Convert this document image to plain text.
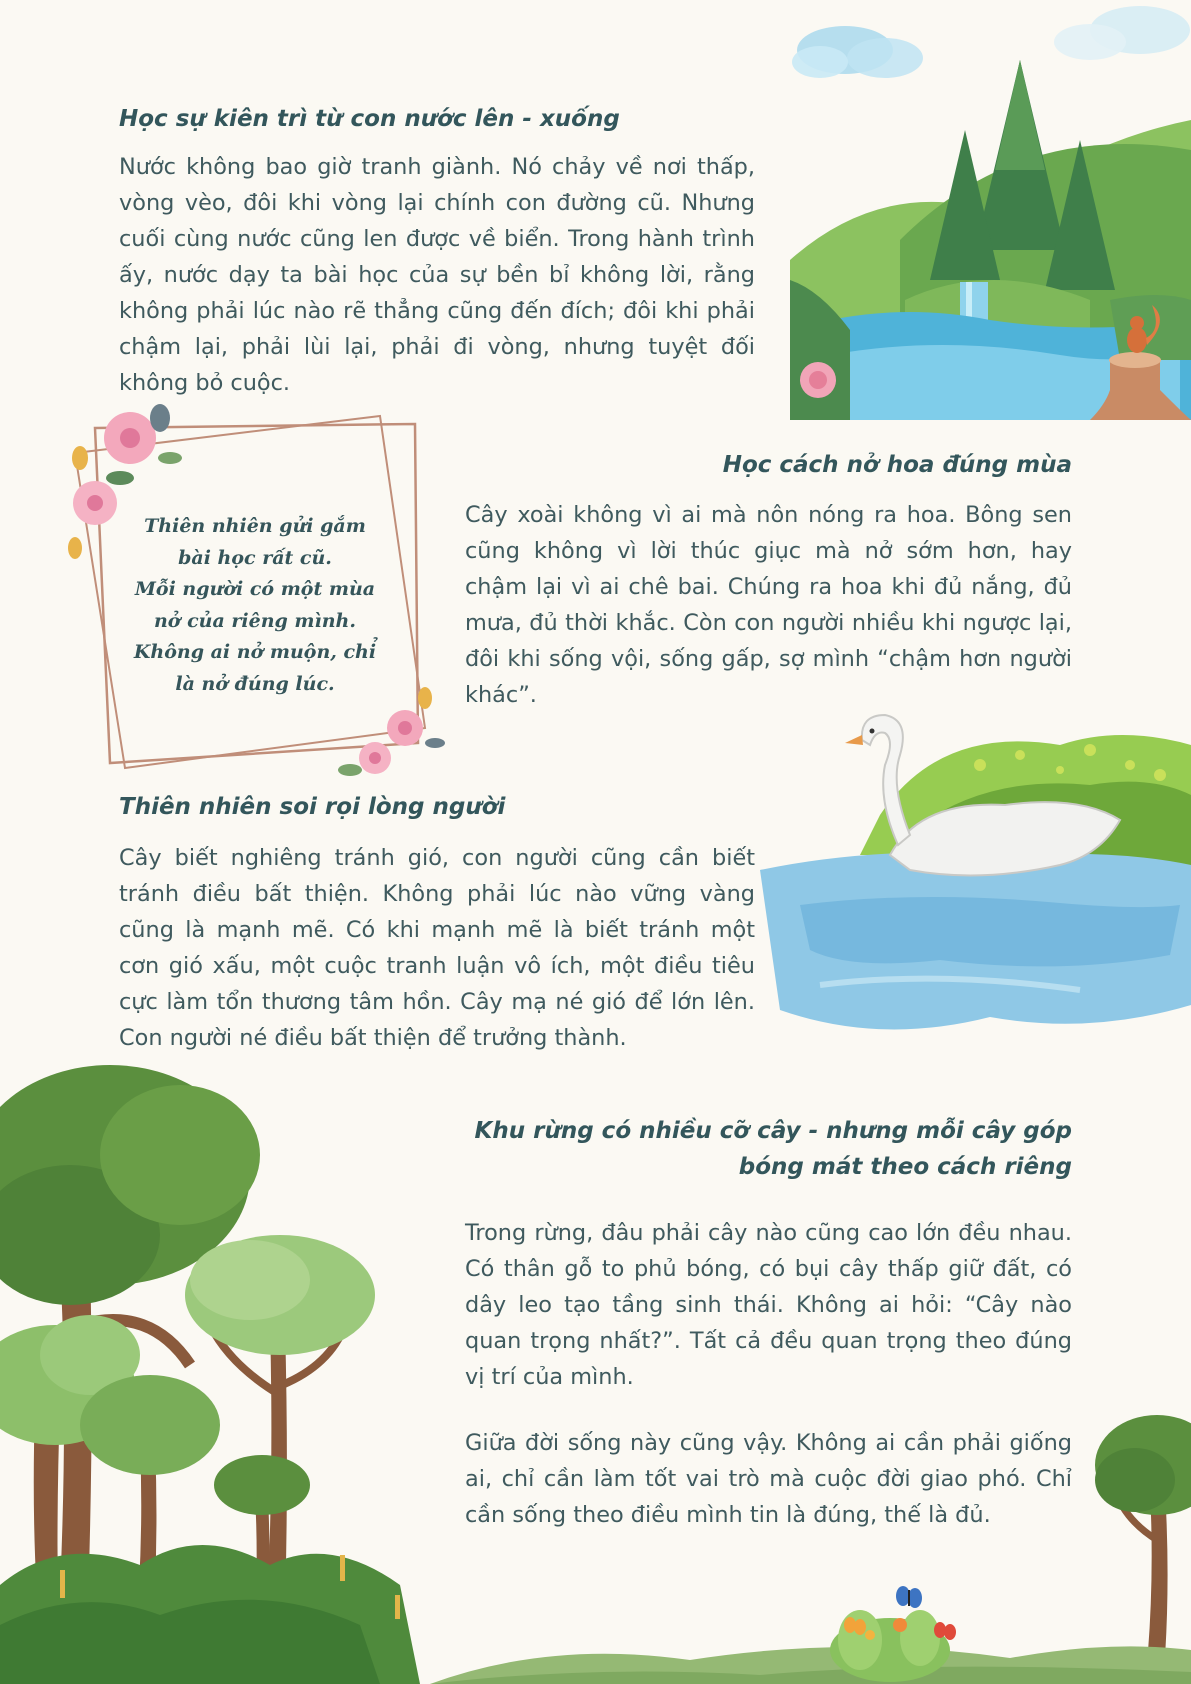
Học sự kiên trì từ con nước lên - xuống

Nước không bao giờ tranh giành. Nó chảy về nơi thấp, vòng vèo, đôi khi vòng lại chính con đường cũ. Nhưng cuối cùng nước cũng len được về biển. Trong hành trình ấy, nước dạy ta bài học của sự bền bỉ không lời, rằng không phải lúc nào rẽ thẳng cũng đến đích; đôi khi phải chậm lại, phải lùi lại, phải đi vòng, nhưng tuyệt đối không bỏ cuộc.

Thiên nhiên gửi gắm
bài học rất cũ.
Mỗi người có một mùa
nở của riêng mình.
Không ai nở muộn, chỉ
là nở đúng lúc.
Học cách nở hoa đúng mùa

Cây xoài không vì ai mà nôn nóng ra hoa. Bông sen cũng không vì lời thúc giục mà nở sớm hơn, hay chậm lại vì ai chê bai. Chúng ra hoa khi đủ nắng, đủ mưa, đủ thời khắc. Còn con người nhiều khi ngược lại, đôi khi sống vội, sống gấp, sợ mình “chậm hơn người khác”.

Thiên nhiên soi rọi lòng người

Cây biết nghiêng tránh gió, con người cũng cần biết tránh điều bất thiện. Không phải lúc nào vững vàng cũng là mạnh mẽ. Có khi mạnh mẽ là biết tránh một cơn gió xấu, một cuộc tranh luận vô ích, một điều tiêu cực làm tổn thương tâm hồn. Cây mạ né gió để lớn lên. Con người né điều bất thiện để trưởng thành.

Khu rừng có nhiều cỡ cây - nhưng mỗi cây góp
bóng mát theo cách riêng

Trong rừng, đâu phải cây nào cũng cao lớn đều nhau. Có thân gỗ to phủ bóng, có bụi cây thấp giữ đất, có dây leo tạo tầng sinh thái. Không ai hỏi: “Cây nào quan trọng nhất?”. Tất cả đều quan trọng theo đúng vị trí của mình.

Giữa đời sống này cũng vậy. Không ai cần phải giống ai, chỉ cần làm tốt vai trò mà cuộc đời giao phó. Chỉ cần sống theo điều mình tin là đúng, thế là đủ.
